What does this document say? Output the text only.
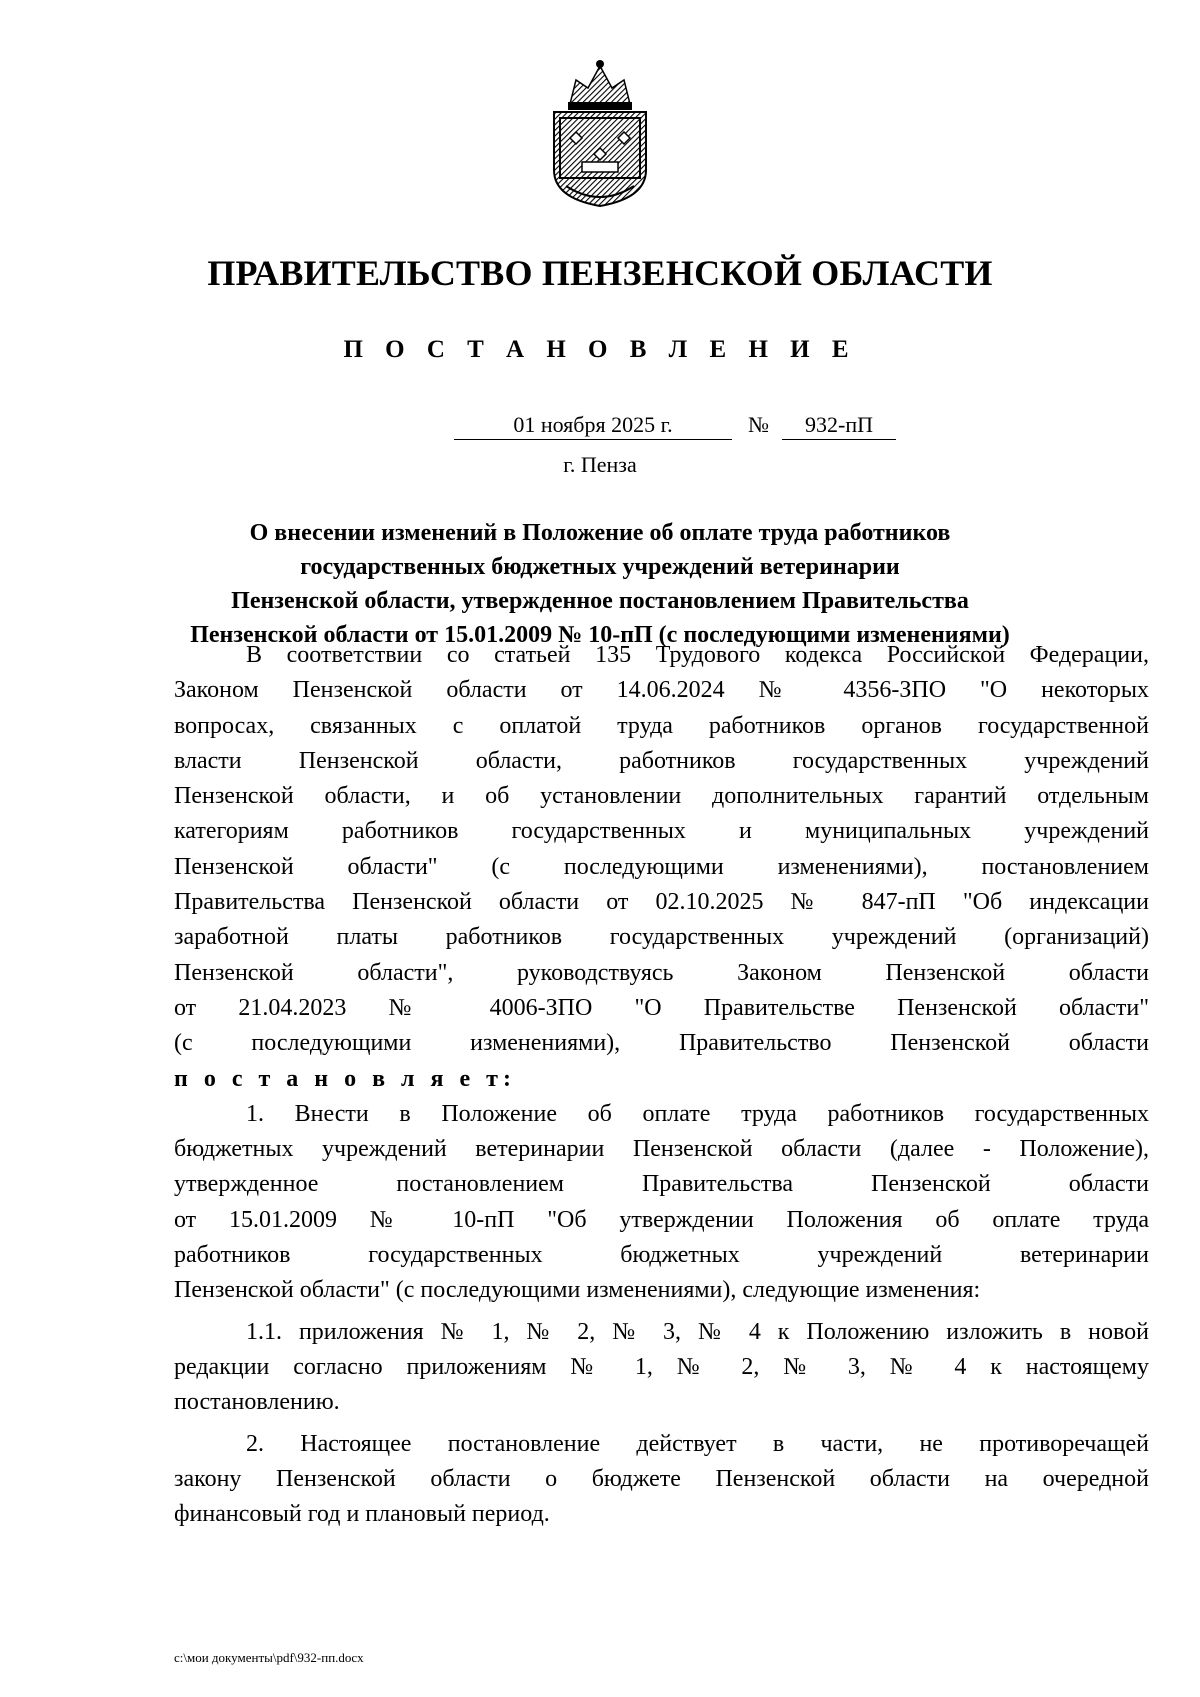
ПРАВИТЕЛЬСТВО ПЕНЗЕНСКОЙ ОБЛАСТИ
П О С Т А Н О В Л Е Н И Е
01 ноября 2025 г.	№	932-пП
г. Пенза
О внесении изменений в Положение об оплате труда работников
государственных бюджетных учреждений ветеринарии
Пензенской области, утвержденное постановлением Правительства
Пензенской области от 15.01.2009 № 10-пП (с последующими изменениями)
В соответствии со статьей 135 Трудового кодекса Российской Федерации,
Законом Пензенской области от 14.06.2024 № 4356-ЗПО "О некоторых
вопросах, связанных с оплатой труда работников органов государственной
власти Пензенской области, работников государственных учреждений
Пензенской области, и об установлении дополнительных гарантий отдельным
категориям работников государственных и муниципальных учреждений
Пензенской области" (с последующими изменениями), постановлением
Правительства Пензенской области от 02.10.2025 № 847-пП "Об индексации
заработной платы работников государственных учреждений (организаций)
Пензенской области", руководствуясь Законом Пензенской области
от 21.04.2023 № 4006-ЗПО "О Правительстве Пензенской области"
(с последующими изменениями), Правительство Пензенской области
п о с т а н о в л я е т:
1. Внести в Положение об оплате труда работников государственных
бюджетных учреждений ветеринарии Пензенской области (далее - Положение),
утвержденное постановлением Правительства Пензенской области
от 15.01.2009 № 10-пП "Об утверждении Положения об оплате труда
работников государственных бюджетных учреждений ветеринарии
Пензенской области" (с последующими изменениями), следующие изменения:
1.1. приложения № 1, № 2, № 3, № 4 к Положению изложить в новой
редакции согласно приложениям № 1, № 2, № 3, № 4 к настоящему
постановлению.
2. Настоящее постановление действует в части, не противоречащей
закону Пензенской области о бюджете Пензенской области на очередной
финансовый год и плановый период.
c:\мои документы\pdf\932-пп.docx
